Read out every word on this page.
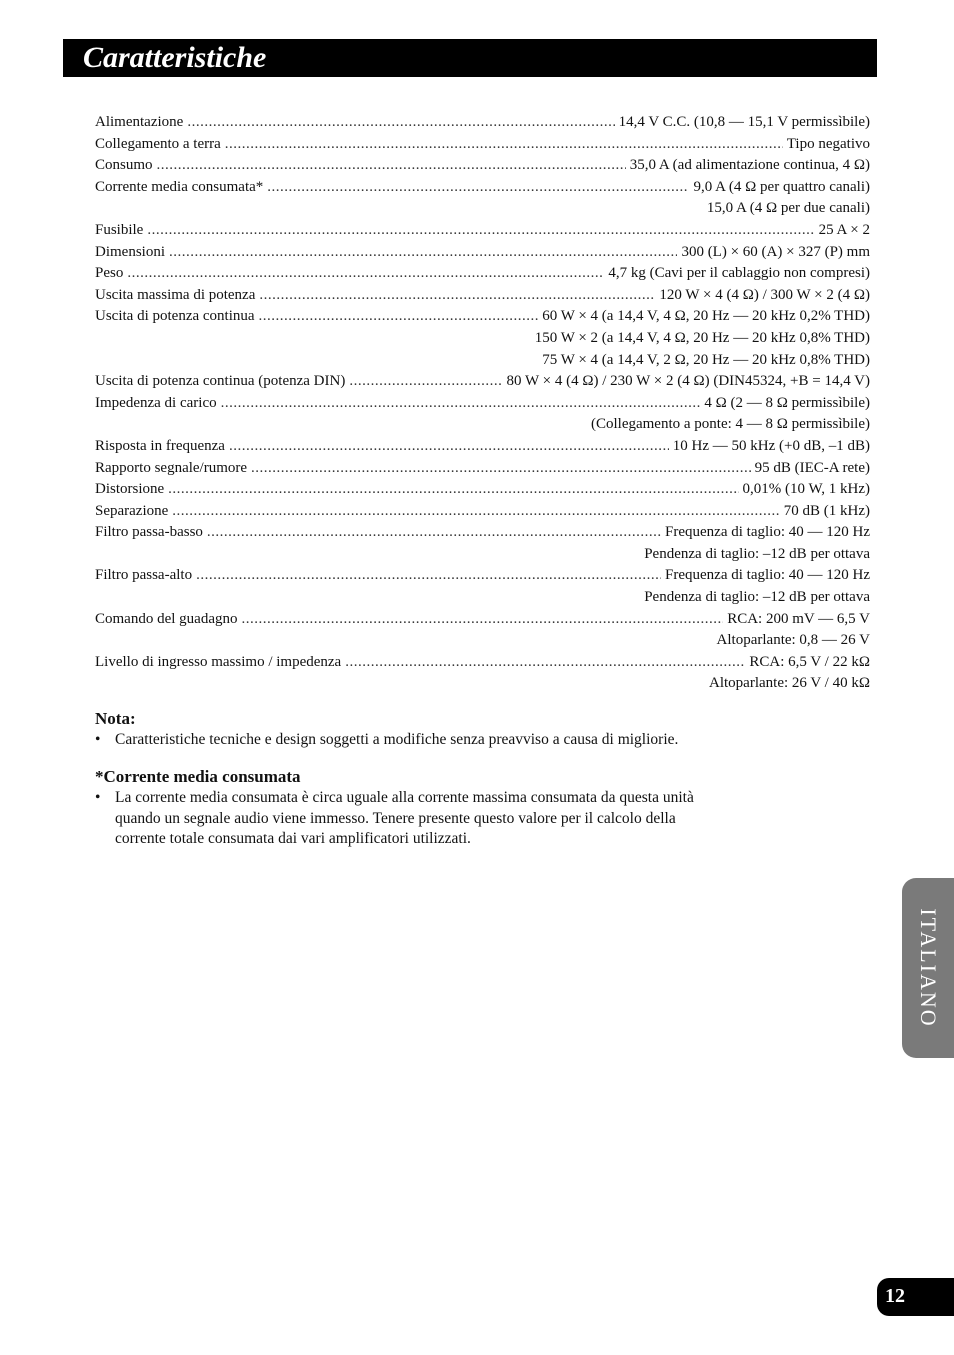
Caratteristiche
Alimentazione .....	14,4 V C.C. (10,8 — 15,1 V permissìbile)
Collegamento a terra .....	Tipo negativo
Consumo .....	35,0 A (ad alimentazione continua, 4 Ω)
Corrente media consumata* .....	9,0 A (4 Ω per quattro canali)
15,0 A (4 Ω per due canali)
Fusibile .....	25 A × 2
Dimensioni .....	300 (L) × 60 (A) × 327 (P) mm
Peso .....	4,7 kg (Cavi per il cablaggio non compresi)
Uscita massima di potenza .....	120 W × 4 (4 Ω) / 300 W × 2 (4 Ω)
Uscita di potenza continua .....	60 W × 4 (a 14,4 V, 4 Ω, 20 Hz — 20 kHz 0,2% THD)
150 W × 2 (a 14,4 V, 4 Ω, 20 Hz — 20 kHz 0,8% THD)
75 W × 4 (a 14,4 V, 2 Ω, 20 Hz — 20 kHz 0,8% THD)
Uscita di potenza continua (potenza DIN) .....	80 W × 4 (4 Ω) / 230 W × 2 (4 Ω) (DIN45324, +B = 14,4 V)
Impedenza di carico .....	4 Ω (2 — 8 Ω permissìbile)
(Collegamento a ponte: 4 — 8 Ω permissìbile)
Risposta in frequenza .....	10 Hz — 50 kHz (+0 dB, –1 dB)
Rapporto segnale/rumore .....	95 dB (IEC-A rete)
Distorsione .....	0,01% (10 W, 1 kHz)
Separazione .....	70 dB (1 kHz)
Filtro passa-basso .....	Frequenza di taglio: 40 — 120 Hz
Pendenza di taglio: –12 dB per ottava
Filtro passa-alto .....	Frequenza di taglio: 40 — 120 Hz
Pendenza di taglio: –12 dB per ottava
Comando del guadagno .....	RCA: 200 mV — 6,5 V
Altoparlante: 0,8 — 26 V
Livello di ingresso massimo / impedenza .....	RCA: 6,5 V / 22 kΩ
Altoparlante: 26 V / 40 kΩ
Nota:
• Caratteristiche tecniche e design soggetti a modifiche senza preavviso a causa di migliorie.
*Corrente media consumata
• La corrente media consumata è circa uguale alla corrente massima consumata da questa unità quando un segnale audio viene immesso. Tenere presente questo valore per il calcolo della corrente totale consumata dai vari amplificatori utilizzati.
ITALIANO
12
